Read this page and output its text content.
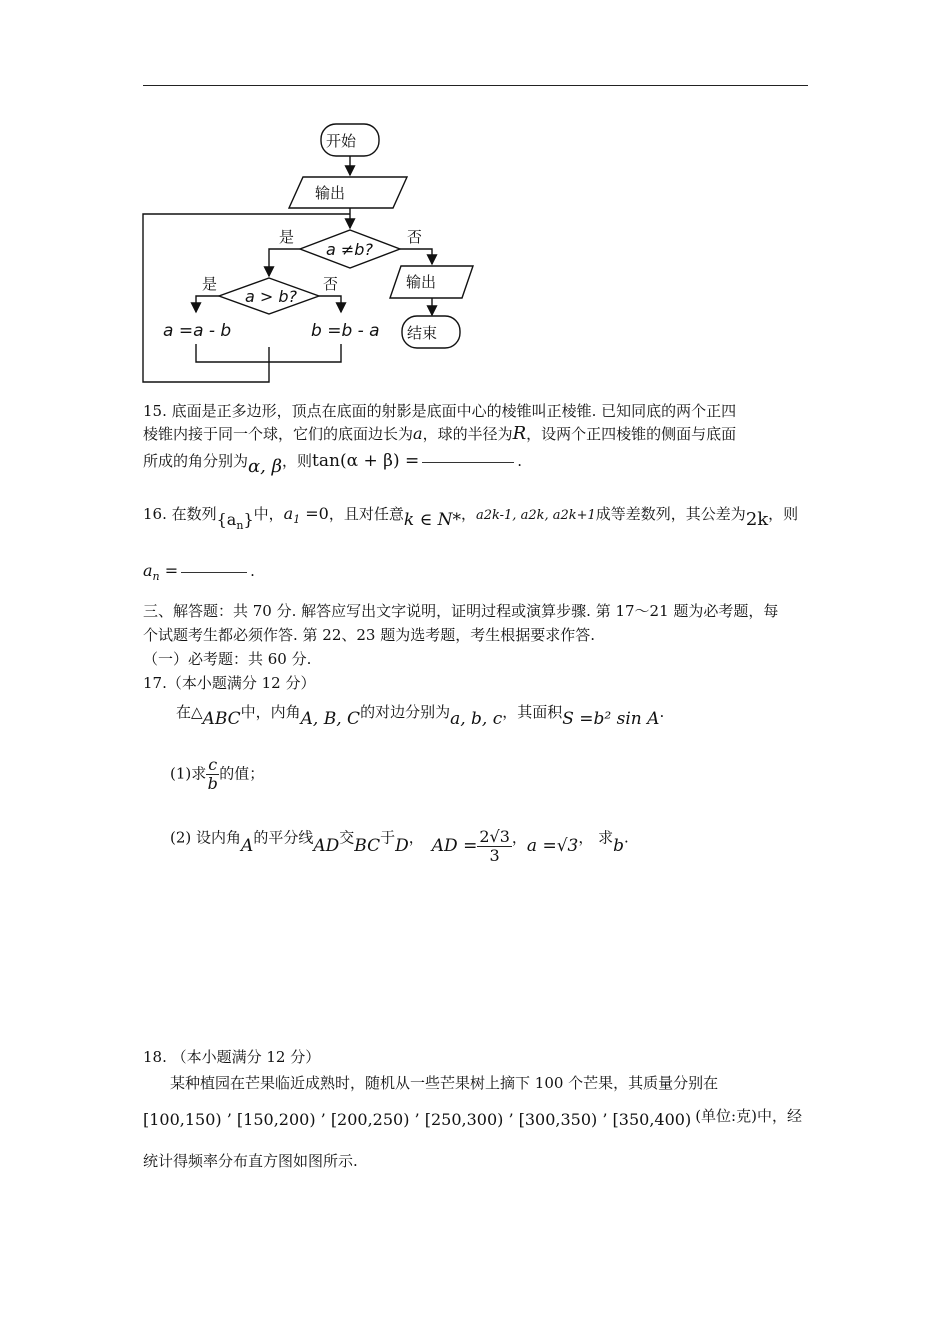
开始
输出
a ≠b?
a > b?
是	否
是	否
a =a - b	b =b - a
输出
结束
15. 底面是正多边形，顶点在底面的射影是底面中心的棱锥叫正棱锥. 已知同底的两个正四
棱锥内接于同一个球，它们的底面边长为a，球的半径为R，设两个正四棱锥的侧面与底面
所成的角分别为α, β，则tan(α + β) =	.
16. 在数列$\{a_n\}$中，$a_1 =0$，且对任意k ∈ N*，a2k-1, a2k, a2k+1成等差数列，其公差为2k，则
$a_n$ =	.
三、解答题：共 70 分. 解答应写出文字说明，证明过程或演算步骤. 第 17～21 题为必考题，每
个试题考生都必须作答. 第 22、23 题为选考题，考生根据要求作答.
（一）必考题：共 60 分.
17.（本小题满分 12 分）
在△ABC中，内角A, B, C的对边分别为a, b, c，其面积S =b² sin A.
(1)求 $\frac{c}{b}$ 的值；
(2) 设内角A的平分线AD交BC于D， AD = $\frac{2√3}{3}$ ，a =√3， 求b.
18. （本小题满分 12 分）
某种植园在芒果临近成熟时，随机从一些芒果树上摘下 100 个芒果，其质量分别在
[100,150) ’ [150,200) ’ [200,250) ’ [250,300) ’ [300,350) ’ [350,400) (单位:克)中，经
统计得频率分布直方图如图所示.
